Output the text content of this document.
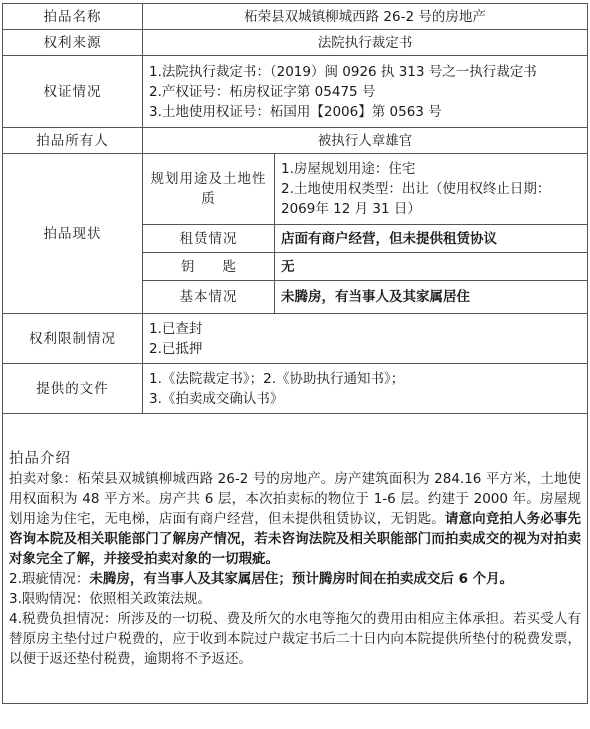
拍品名称	柘荣县双城镇柳城西路 26-2 号的房地产	
权利来源	法院执行裁定书	
权证情况	1.法院执行裁定书：（2019）闽 0926 执 313 号之一执行裁定书
2.产权证号：柘房权证字第 05475 号
3.土地使用权证号：柘国用【2006】第 0563 号	

拍品所有人	被执行人章雄官	
拍品现状	规划用途及土地性质	1.房屋规划用途：住宅
2.土地使用权类型：出让（使用权终止日期：2069年 12 月 31 日）

	租赁情况	店面有商户经营，但未提供租赁协议
	钥匙	无
	基本情况	未腾房，有当事人及其家属居住
权利限制情况	1.已查封
2.已抵押	

提供的文件	1.《法院裁定书》；2.《协助执行通知书》；
3.《拍卖成交确认书》	

拍品介绍
拍卖对象：柘荣县双城镇柳城西路 26-2 号的房地产。房产建筑面积为 284.16 平方米，土地使用权面积为 48 平方米。房产共 6 层，本次拍卖标的物位于 1-6 层。约建于 2000 年。房屋规划用途为住宅，无电梯，店面有商户经营，但未提供租赁协议，无钥匙。请意向竞拍人务必事先咨询本院及相关职能部门了解房产情况，若未咨询法院及相关职能部门而拍卖成交的视为对拍卖对象完全了解，并接受拍卖对象的一切瑕疵。
2.瑕疵情况：未腾房，有当事人及其家属居住；预计腾房时间在拍卖成交后 6 个月。
3.限购情况：依照相关政策法规。
4.税费负担情况：所涉及的一切税、费及所欠的水电等拖欠的费用由相应主体承担。若买受人有替原房主垫付过户税费的，应于收到本院过户裁定书后二十日内向本院提供所垫付的税费发票，以便于返还垫付税费，逾期将不予返还。		
